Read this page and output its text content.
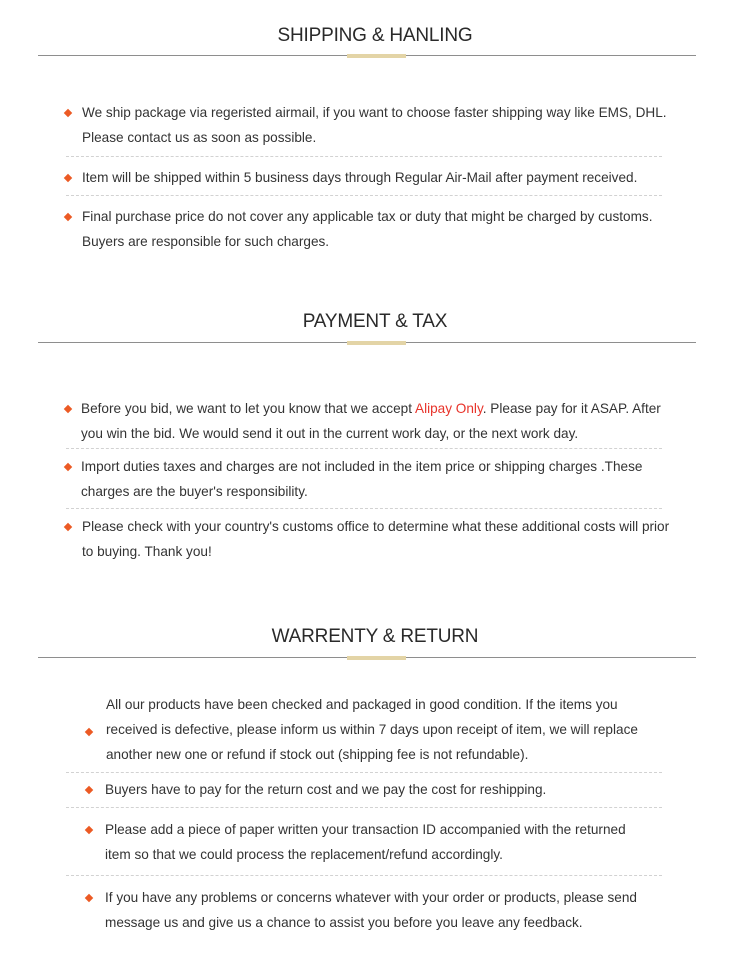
SHIPPING & HANLING
We ship package via regeristed airmail, if you want to choose faster shipping way like EMS, DHL. Please contact us as soon as possible.
Item will be shipped within 5 business days through Regular Air-Mail after payment received.
Final purchase price do not cover any applicable tax or duty that might be charged by customs. Buyers are responsible for such charges.
PAYMENT & TAX
Before you bid, we want to let you know that we accept Alipay Only. Please pay for it ASAP. After you win the bid. We would send it out in the current work day, or the next work day.
Import duties taxes and charges are not included in the item price or shipping charges .These charges are the buyer's responsibility.
Please check with your country's customs office to determine what these additional costs will prior to buying. Thank you!
WARRENTY & RETURN
All our products have been checked and packaged in good condition. If the items you received is defective, please inform us within 7 days upon receipt of item, we will replace another new one or refund if stock out (shipping fee is not refundable).
Buyers have to pay for the return cost and we pay the cost for reshipping.
Please add a piece of paper written your transaction ID accompanied with the returned item so that we could process the replacement/refund accordingly.
If you have any problems or concerns whatever with your order or products, please send message us and give us a chance to assist you before you leave any feedback.
